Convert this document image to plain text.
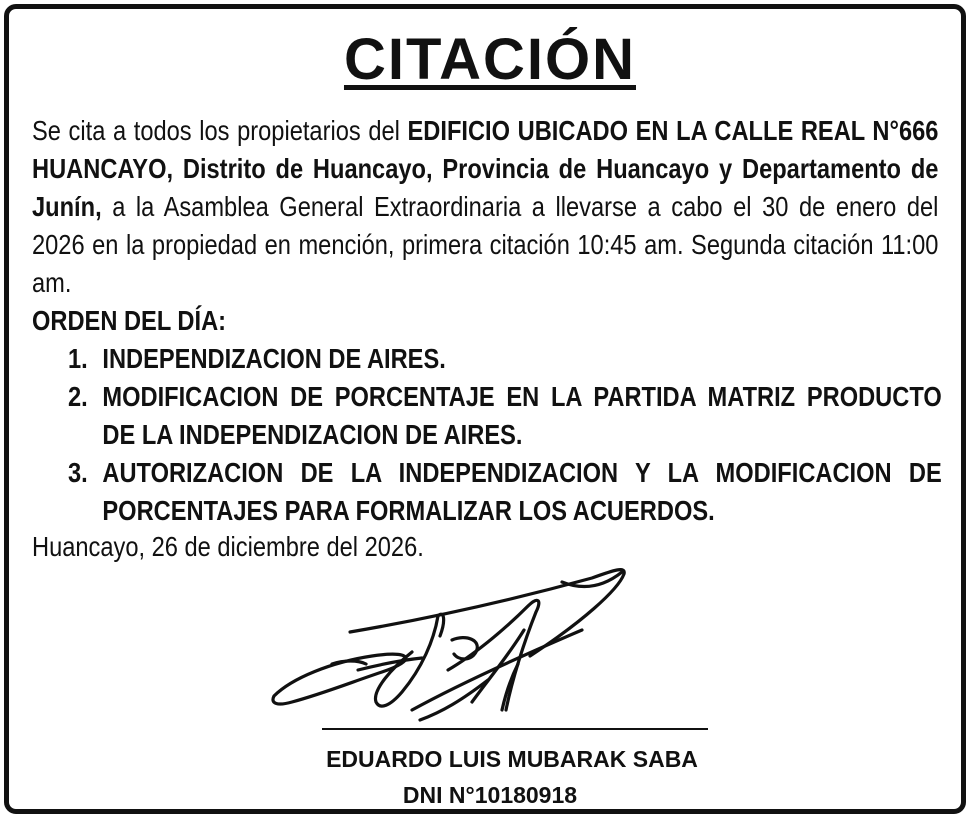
CITACIÓN
Se cita a todos los propietarios del EDIFICIO UBICADO EN LA CALLE REAL N°666 HUANCAYO, Distrito de Huancayo, Provincia de Huancayo y Departamento de Junín, a la Asamblea General Extraordinaria a llevarse a cabo el 30 de enero del 2026 en la propiedad en mención, primera citación 10:45 am. Segunda citación 11:00 am.
ORDEN DEL DÍA:
1. INDEPENDIZACION DE AIRES.
2. MODIFICACION DE PORCENTAJE EN LA PARTIDA MATRIZ PRODUCTO DE LA INDEPENDIZACION DE AIRES.
3. AUTORIZACION DE LA INDEPENDIZACION Y LA MODIFICACION DE PORCENTAJES PARA FORMALIZAR LOS ACUERDOS.
Huancayo, 26 de diciembre del 2026.
EDUARDO LUIS MUBARAK SABA
DNI N°10180918
